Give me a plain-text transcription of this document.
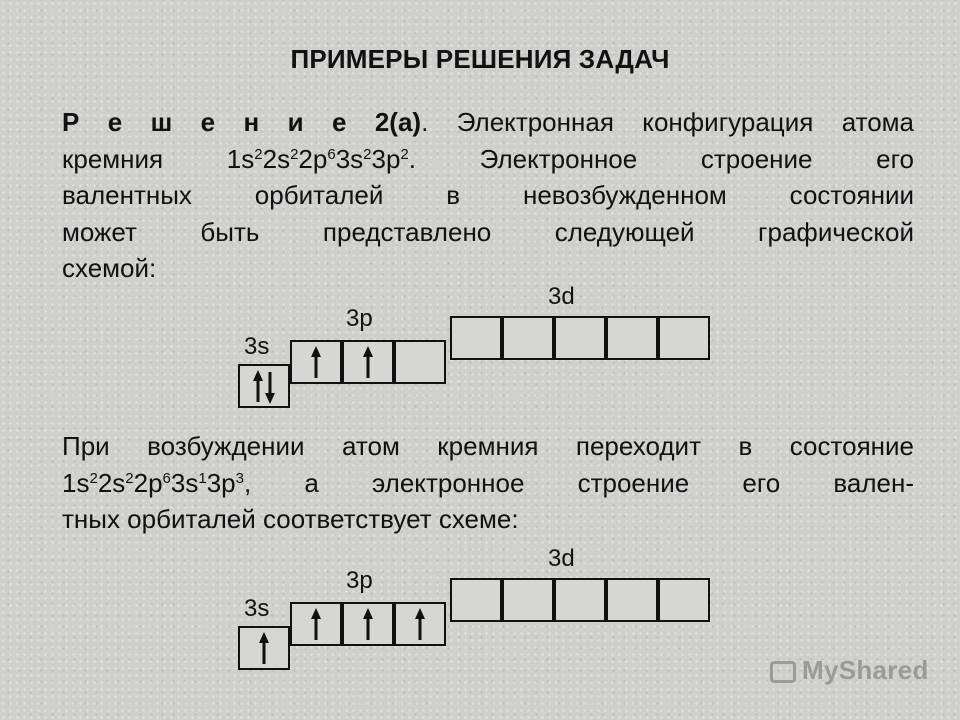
ПРИМЕРЫ РЕШЕНИЯ ЗАДАЧ
Р е ш е н и е 2(а). Электронная конфигурация атома
кремния $1s^22s^22p^63s^23p^2$. Электронное строение его
валентных орбиталей в невозбужденном состоянии
может быть представлено следующей графической
схемой:
3s
3p
3d
При возбуждении атом кремния переходит в состояние
$1s^22s^22p^63s^13p^3$, а электронное строение его вален-
тных орбиталей соответствует схеме:
3s
3p
3d
MyShared
